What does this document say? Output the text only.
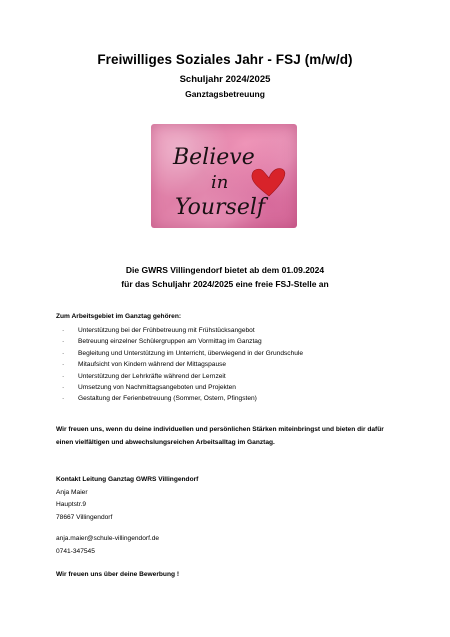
Freiwilliges Soziales Jahr - FSJ (m/w/d)
Schuljahr 2024/2025
Ganztagsbetreuung
Believe
in
Yourself
Die GWRS Villingendorf bietet ab dem 01.09.2024
für das Schuljahr 2024/2025 eine freie FSJ-Stelle an
Zum Arbeitsgebiet im Ganztag gehören:
· Unterstützung bei der Frühbetreuung mit Frühstücksangebot
· Betreuung einzelner Schülergruppen am Vormittag im Ganztag
· Begleitung und Unterstützung im Unterricht, überwiegend in der Grundschule
· Mitaufsicht von Kindern während der Mittagspause
· Unterstützung der Lehrkräfte während der Lernzeit
· Umsetzung von Nachmittagsangeboten und Projekten
· Gestaltung der Ferienbetreuung (Sommer, Ostern, Pfingsten)
Wir freuen uns, wenn du deine individuellen und persönlichen Stärken miteinbringst und bieten dir dafür einen vielfältigen und abwechslungsreichen Arbeitsalltag im Ganztag.
Kontakt Leitung Ganztag GWRS Villingendorf
Anja Maier
Hauptstr.9
78667 Villingendorf
anja.maier@schule-villingendorf.de
0741-347545
Wir freuen uns über deine Bewerbung !
